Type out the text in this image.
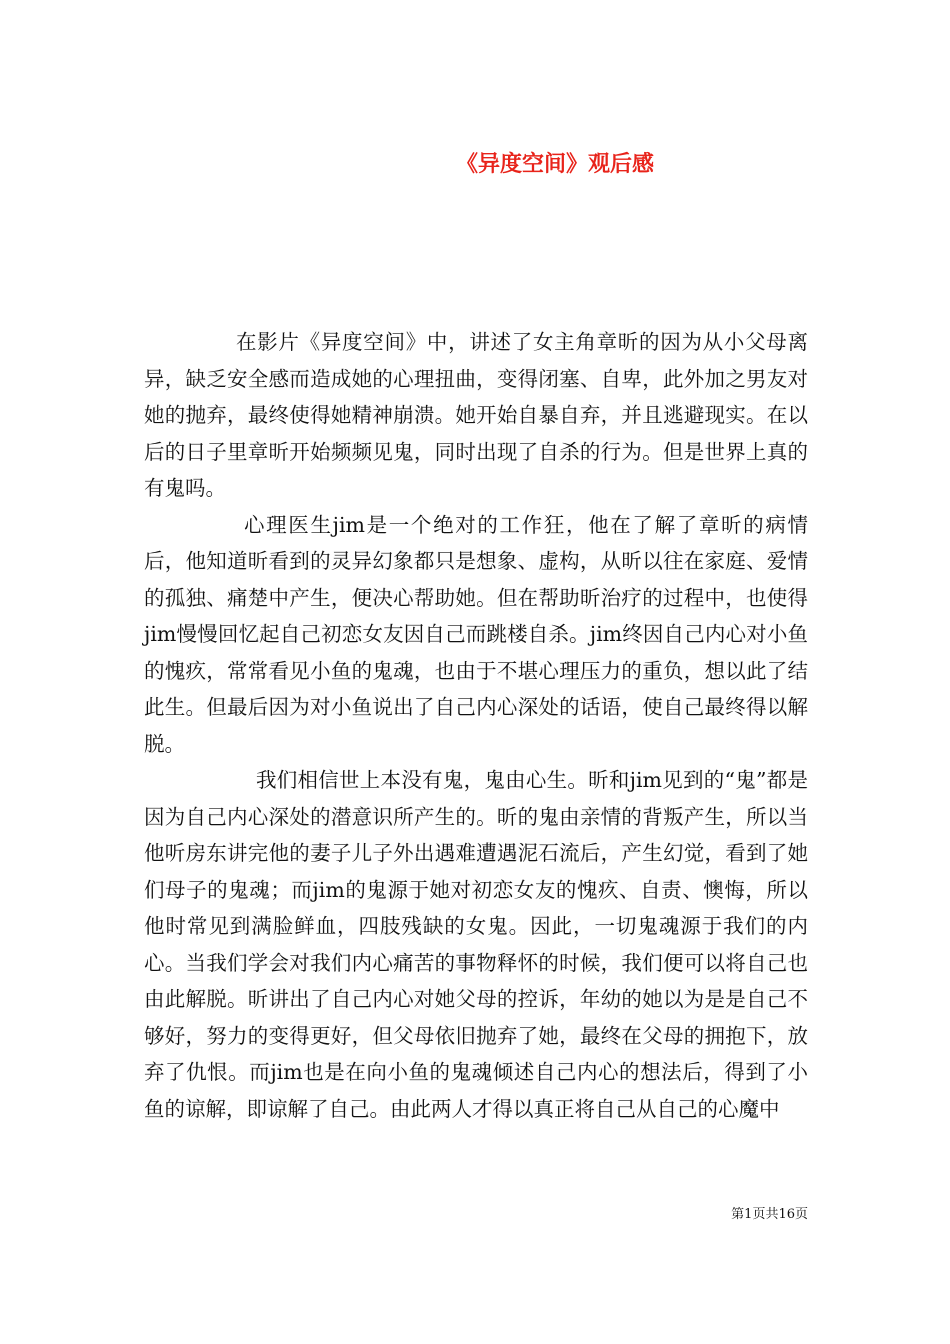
《异度空间》观后感

在影片《异度空间》中，讲述了女主角章昕的因为从小父母离异，缺乏安全感而造成她的心理扭曲，变得闭塞、自卑，此外加之男友对她的抛弃，最终使得她精神崩溃。她开始自暴自弃，并且逃避现实。在以后的日子里章昕开始频频见鬼，同时出现了自杀的行为。但是世界上真的有鬼吗。

心理医生jim是一个绝对的工作狂，他在了解了章昕的病情后，他知道昕看到的灵异幻象都只是想象、虚构，从昕以往在家庭、爱情的孤独、痛楚中产生，便决心帮助她。但在帮助昕治疗的过程中，也使得jim慢慢回忆起自己初恋女友因自己而跳楼自杀。jim终因自己内心对小鱼的愧疚，常常看见小鱼的鬼魂，也由于不堪心理压力的重负，想以此了结此生。但最后因为对小鱼说出了自己内心深处的话语，使自己最终得以解脱。

我们相信世上本没有鬼，鬼由心生。昕和jim见到的“鬼”都是因为自己内心深处的潜意识所产生的。昕的鬼由亲情的背叛产生，所以当他听房东讲完他的妻子儿子外出遇难遭遇泥石流后，产生幻觉，看到了她们母子的鬼魂；而jim的鬼源于她对初恋女友的愧疚、自责、懊悔，所以他时常见到满脸鲜血，四肢残缺的女鬼。因此，一切鬼魂源于我们的内心。当我们学会对我们内心痛苦的事物释怀的时候，我们便可以将自己也由此解脱。昕讲出了自己内心对她父母的控诉，年幼的她以为是是自己不够好，努力的变得更好，但父母依旧抛弃了她，最终在父母的拥抱下，放弃了仇恨。而jim也是在向小鱼的鬼魂倾述自己内心的想法后，得到了小鱼的谅解，即谅解了自己。由此两人才得以真正将自己从自己的心魔中

第1页共16页
